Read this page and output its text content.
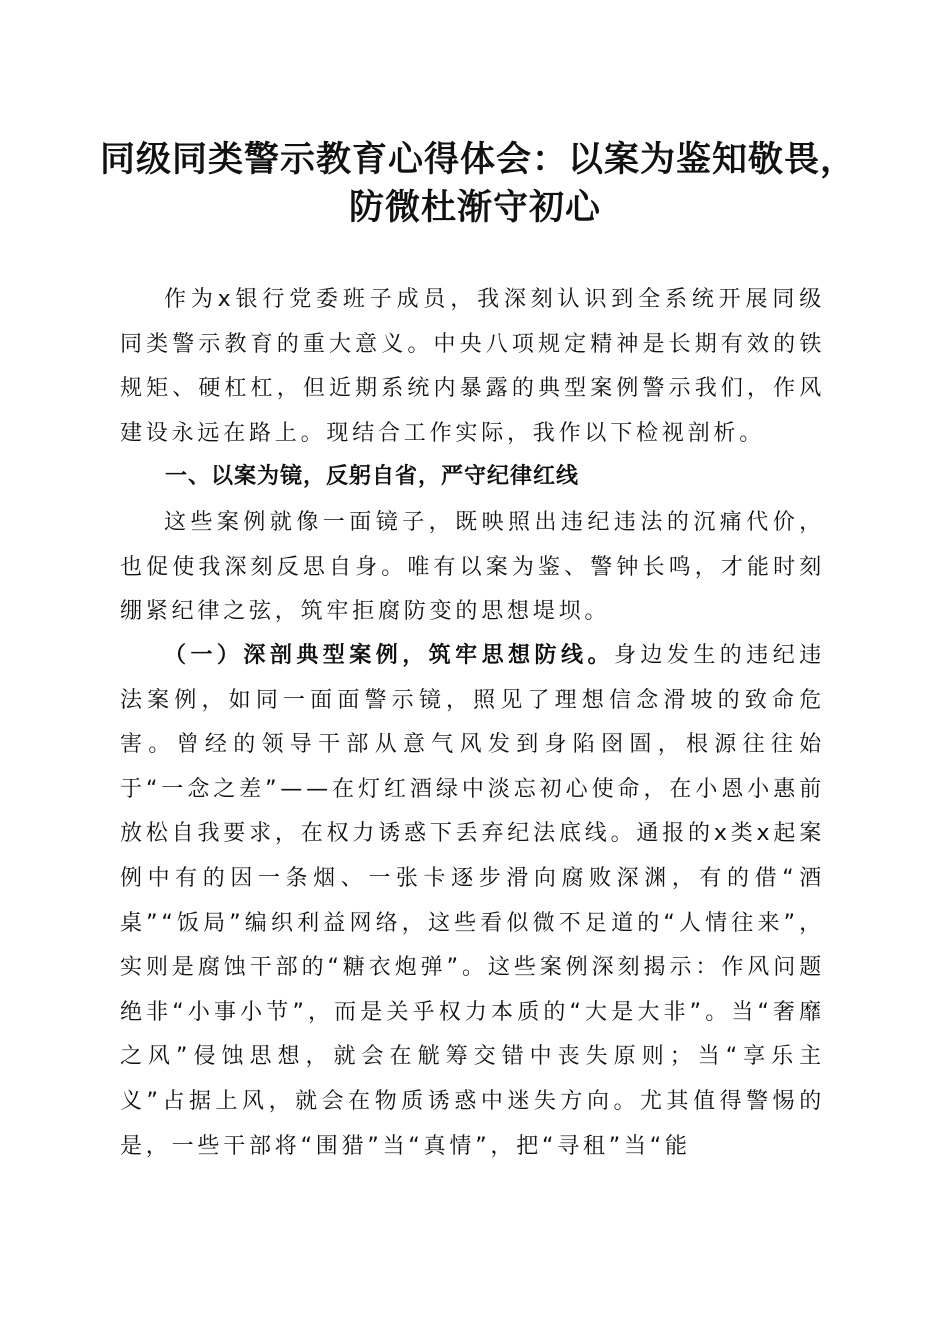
同级同类警示教育心得体会：以案为鉴知敬畏，
防微杜渐守初心

作为x银行党委班子成员，我深刻认识到全系统开展同级同类警示教育的重大意义。中央八项规定精神是长期有效的铁规矩、硬杠杠，但近期系统内暴露的典型案例警示我们，作风建设永远在路上。现结合工作实际，我作以下检视剖析。

一、以案为镜，反躬自省，严守纪律红线

这些案例就像一面镜子，既映照出违纪违法的沉痛代价，也促使我深刻反思自身。唯有以案为鉴、警钟长鸣，才能时刻绷紧纪律之弦，筑牢拒腐防变的思想堤坝。

（一）深剖典型案例，筑牢思想防线。身边发生的违纪违法案例，如同一面面警示镜，照见了理想信念滑坡的致命危害。曾经的领导干部从意气风发到身陷囹圄，根源往往始于“一念之差”——在灯红酒绿中淡忘初心使命，在小恩小惠前放松自我要求，在权力诱惑下丢弃纪法底线。通报的x类x起案例中有的因一条烟、一张卡逐步滑向腐败深渊，有的借“酒桌”“饭局”编织利益网络，这些看似微不足道的“人情往来”，实则是腐蚀干部的“糖衣炮弹”。这些案例深刻揭示：作风问题绝非“小事小节”，而是关乎权力本质的“大是大非”。当“奢靡之风”侵蚀思想，就会在觥筹交错中丧失原则；当“享乐主义”占据上风，就会在物质诱惑中迷失方向。尤其值得警惕的是，一些干部将“围猎”当“真情”，把“寻租”当“能
